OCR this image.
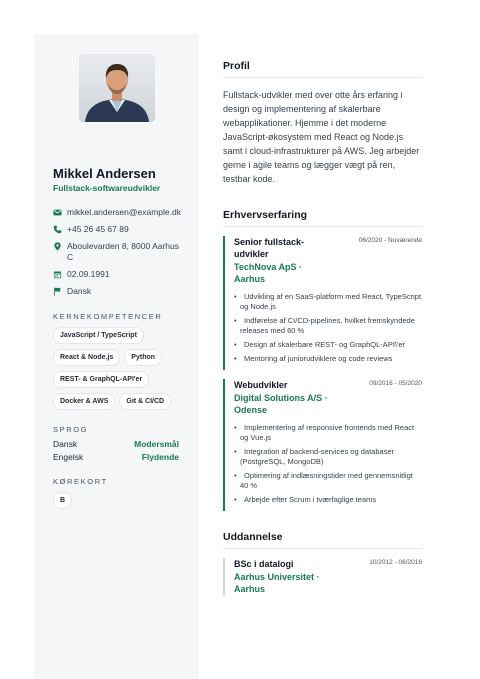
Mikkel Andersen
Fullstack-softwareudvikler
mikkel.andersen@example.dk
+45 26 45 67 89
Aboulevarden 8, 8000 Aarhus C
02.09.1991
Dansk
KERNEKOMPETENCER
JavaScript / TypeScript
React & Node.js	Python
REST- & GraphQL-API'er
Docker & AWS	Git & CI/CD
SPROG
Dansk	Modersmål
Engelsk	Flydende
KØREKORT
B
Profil

Fullstack-udvikler med over otte års erfaring i design og implementering af skalerbare webapplikationer. Hjemme i det moderne JavaScript-økosystem med React og Node.js samt i cloud-infrastrukturer på AWS. Jeg arbejder gerne i agile teams og lægger vægt på ren, testbar kode.

Erhvervserfaring
Senior fullstack-udvikler
06/2020 - Nuværende
TechNova ApS · Aarhus
• Udvikling af en SaaS-platform med React, TypeScript og Node.js
• Indførelse af CI/CD-pipelines, hvilket fremskyndede releases med 60 %
• Design af skalerbare REST- og GraphQL-API\'er
• Mentoring af juniorudviklere og code reviews
Webudvikler	09/2016 - 05/2020
Digital Solutions A/S · Odense
• Implementering af responsive frontends med React og Vue.js
• Integration af backend-services og databaser (PostgreSQL, MongoDB)
• Optimering af indlæsningstider med gennemsnitligt 40 %
• Arbejde efter Scrum i tværfaglige teams
Uddannelse
BSc i datalogi	10/2012 - 08/2016
Aarhus Universitet · Aarhus
